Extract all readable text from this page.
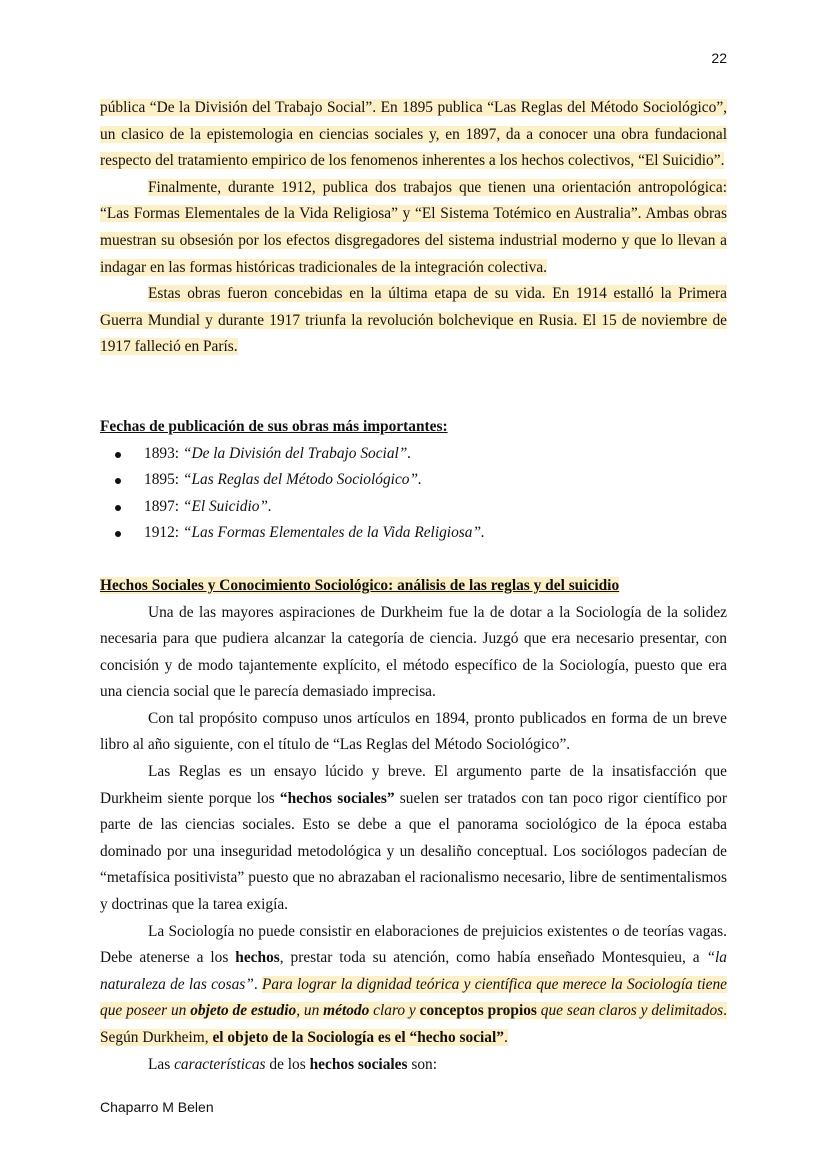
22

pública “De la División del Trabajo Social”. En 1895 publica “Las Reglas del Método Sociológico”, un clasico de la epistemologia en ciencias sociales y, en 1897, da a conocer una obra fundacional respecto del tratamiento empirico de los fenomenos inherentes a los hechos colectivos, “El Suicidio”.

Finalmente, durante 1912, publica dos trabajos que tienen una orientación antropológica: “Las Formas Elementales de la Vida Religiosa” y “El Sistema Totémico en Australia”. Ambas obras muestran su obsesión por los efectos disgregadores del sistema industrial moderno y que lo llevan a indagar en las formas históricas tradicionales de la integración colectiva.

Estas obras fueron concebidas en la última etapa de su vida. En 1914 estalló la Primera Guerra Mundial y durante 1917 triunfa la revolución bolchevique en Rusia. El 15 de noviembre de 1917 falleció en París.

Fechas de publicación de sus obras más importantes:
1893: “De la División del Trabajo Social”.
1895: “Las Reglas del Método Sociológico”.
1897: “El Suicidio”.
1912: “Las Formas Elementales de la Vida Religiosa”.
Hechos Sociales y Conocimiento Sociológico: análisis de las reglas y del suicidio

Una de las mayores aspiraciones de Durkheim fue la de dotar a la Sociología de la solidez necesaria para que pudiera alcanzar la categoría de ciencia. Juzgó que era necesario presentar, con concisión y de modo tajantemente explícito, el método específico de la Sociología, puesto que era una ciencia social que le parecía demasiado imprecisa.

Con tal propósito compuso unos artículos en 1894, pronto publicados en forma de un breve libro al año siguiente, con el título de “Las Reglas del Método Sociológico”.

Las Reglas es un ensayo lúcido y breve. El argumento parte de la insatisfacción que Durkheim siente porque los “hechos sociales” suelen ser tratados con tan poco rigor científico por parte de las ciencias sociales. Esto se debe a que el panorama sociológico de la época estaba dominado por una inseguridad metodológica y un desaliño conceptual. Los sociólogos padecían de “metafísica positivista” puesto que no abrazaban el racionalismo necesario, libre de sentimentalismos y doctrinas que la tarea exigía.

La Sociología no puede consistir en elaboraciones de prejuicios existentes o de teorías vagas. Debe atenerse a los hechos, prestar toda su atención, como había enseñado Montesquieu, a “la naturaleza de las cosas”. Para lograr la dignidad teórica y científica que merece la Sociología tiene que poseer un objeto de estudio, un método claro y conceptos propios que sean claros y delimitados. Según Durkheim, el objeto de la Sociología es el “hecho social”.

Las características de los hechos sociales son:

Chaparro M Belen
